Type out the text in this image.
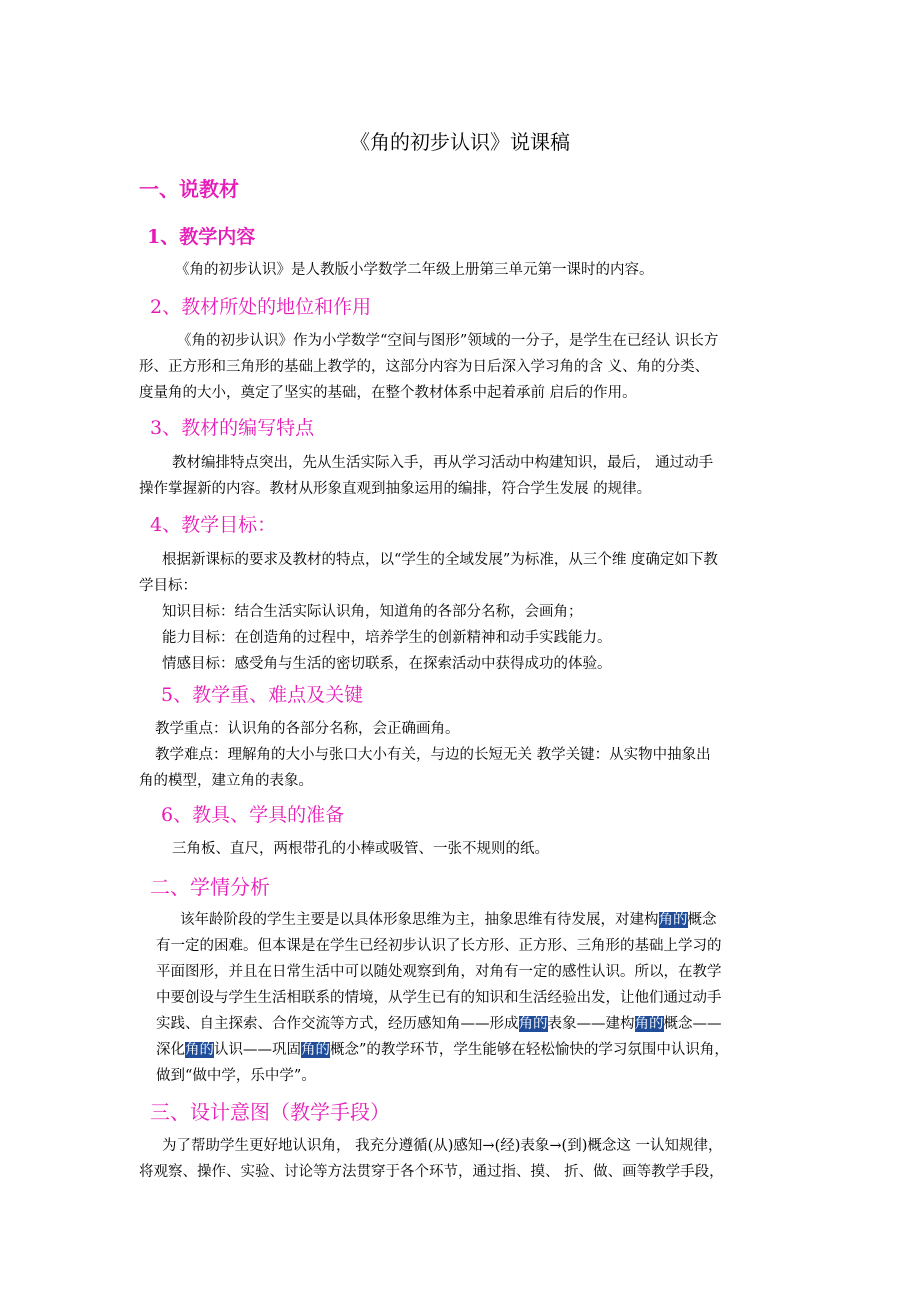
《角的初步认识》说课稿
一、说教材
1、教学内容
《角的初步认识》是人教版小学数学二年级上册第三单元第一课时的内容。
2、教材所处的地位和作用
《角的初步认识》作为小学数学“空间与图形”领域的一分子，是学生在已经认 识长方
形、正方形和三角形的基础上教学的，这部分内容为日后深入学习角的含 义、角的分类、
度量角的大小，奠定了坚实的基础，在整个教材体系中起着承前 启后的作用。
3、教材的编写特点
教材编排特点突出，先从生活实际入手，再从学习活动中构建知识，最后， 通过动手
操作掌握新的内容。教材从形象直观到抽象运用的编排，符合学生发展 的规律。
4、教学目标：
根据新课标的要求及教材的特点，以“学生的全域发展”为标准，从三个维 度确定如下教
学目标：
知识目标：结合生活实际认识角，知道角的各部分名称，会画角；
能力目标：在创造角的过程中，培养学生的创新精神和动手实践能力。
情感目标：感受角与生活的密切联系，在探索活动中获得成功的体验。
5、教学重、难点及关键
教学重点：认识角的各部分名称，会正确画角。
教学难点：理解角的大小与张口大小有关，与边的长短无关 教学关键：从实物中抽象出
角的模型，建立角的表象。
6、教具、学具的准备
三角板、直尺，两根带孔的小棒或吸管、一张不规则的纸。
二、学情分析
该年龄阶段的学生主要是以具体形象思维为主，抽象思维有待发展，对建构角的概念
有一定的困难。但本课是在学生已经初步认识了长方形、正方形、三角形的基础上学习的
平面图形，并且在日常生活中可以随处观察到角，对角有一定的感性认识。所以，在教学
中要创设与学生生活相联系的情境，从学生已有的知识和生活经验出发，让他们通过动手
实践、自主探索、合作交流等方式，经历感知角——形成角的表象——建构角的概念——
深化角的认识——巩固角的概念”的教学环节，学生能够在轻松愉快的学习氛围中认识角，
做到“做中学，乐中学”。
三、设计意图（教学手段）
为了帮助学生更好地认识角， 我充分遵循(从)感知→(经)表象→(到)概念这 一认知规律，
将观察、操作、实验、讨论等方法贯穿于各个环节，通过指、摸、 折、做、画等教学手段，
